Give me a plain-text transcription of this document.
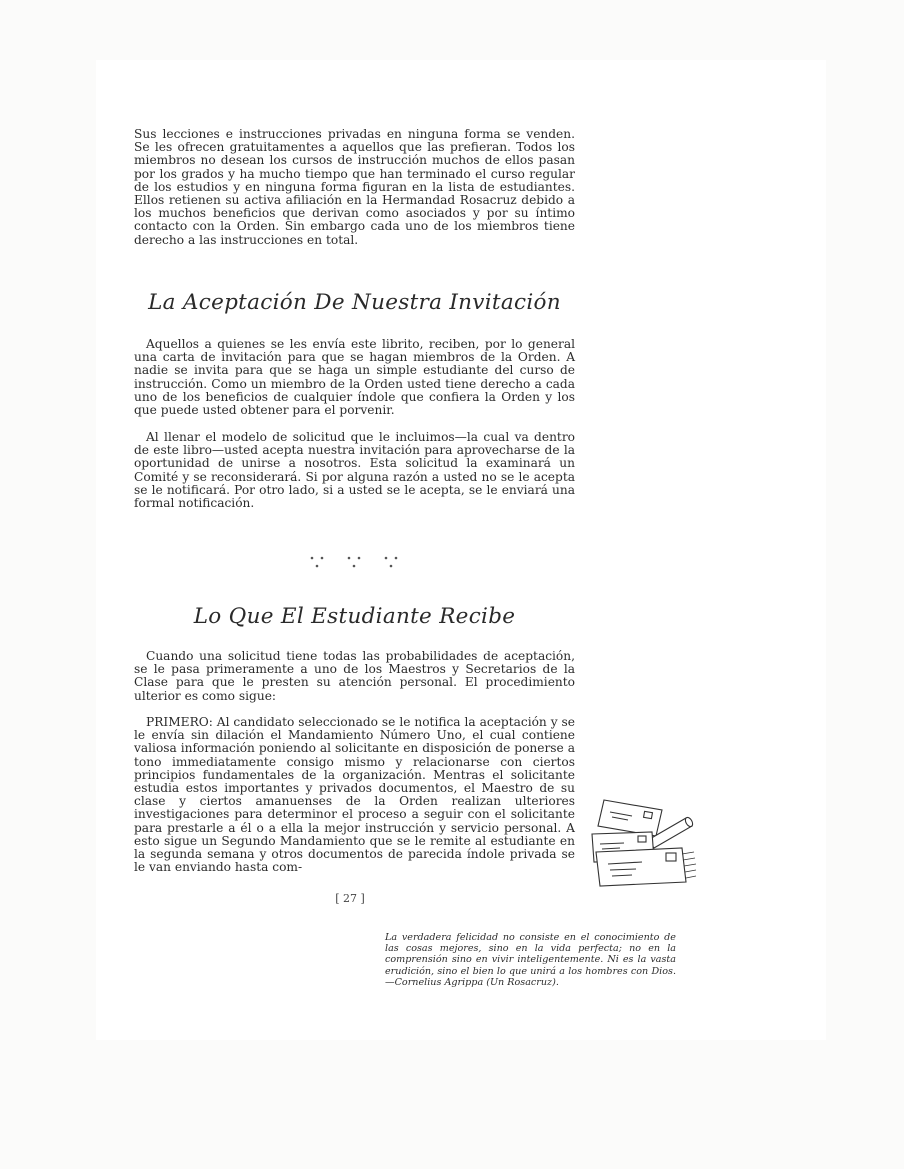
Sus lecciones e instrucciones privadas en ninguna forma se venden. Se les ofrecen gratuitamentes a aquellos que las prefieran. Todos los miembros no desean los cursos de instrucción muchos de ellos pasan por los grados y ha mucho tiempo que han terminado el curso regular de los estudios y en ninguna forma figuran en la lista de estudiantes. Ellos retienen su activa afiliación en la Hermandad Rosacruz debido a los muchos beneficios que derivan como asociados y por su íntimo contacto con la Orden. Sin embargo cada uno de los miembros tiene derecho a las instrucciones en total.

La Aceptación De Nuestra Invitación

Aquellos a quienes se les envía este librito, reciben, por lo general una carta de invitación para que se hagan miembros de la Orden. A nadie se invita para que se haga un simple estudiante del curso de instrucción. Como un miembro de la Orden usted tiene derecho a cada uno de los beneficios de cualquier índole que confiera la Orden y los que puede usted obtener para el porvenir.

Al llenar el modelo de solicitud que le incluimos—la cual va dentro de este libro—usted acepta nuestra invitación para aprovecharse de la oportunidad de unirse a nosotros. Esta solicitud la examinará un Comité y se reconsiderará. Si por alguna razón a usted no se le acepta se le notificará. Por otro lado, si a usted se le acepta, se le enviará una formal notificación.

Lo Que El Estudiante Recibe

Cuando una solicitud tiene todas las probabilidades de aceptación, se le pasa primeramente a uno de los Maestros y Secretarios de la Clase para que le presten su atención personal. El procedimiento ulterior es como sigue:

PRIMERO: Al candidato seleccionado se le notifica la aceptación y se le envía sin dilación el Mandamiento Número Uno, el cual contiene valiosa información poniendo al solicitante en disposición de ponerse a tono immediatamente consigo mismo y relacionarse con ciertos principios fundamentales de la organización. Mentras el solicitante estudia estos importantes y privados documentos, el Maestro de su clase y ciertos amanuenses de la Orden realizan ulteriores investigaciones para determinor el proceso a seguir con el solicitante para prestarle a él o a ella la mejor instrucción y servicio personal. A esto sigue un Segundo Mandamiento que se le remite al estudiante en la segunda semana y otros documentos de parecida índole privada se le van enviando hasta com-

[ 27 ]

La verdadera felicidad no consiste en el conocimiento de las cosas mejores, sino en la vida perfecta; no en la comprensión sino en vivir inteligentemente. Ni es la vasta erudición, sino el bien lo que unirá a los hombres con Dios. —Cornelius Agrippa (Un Rosacruz).
